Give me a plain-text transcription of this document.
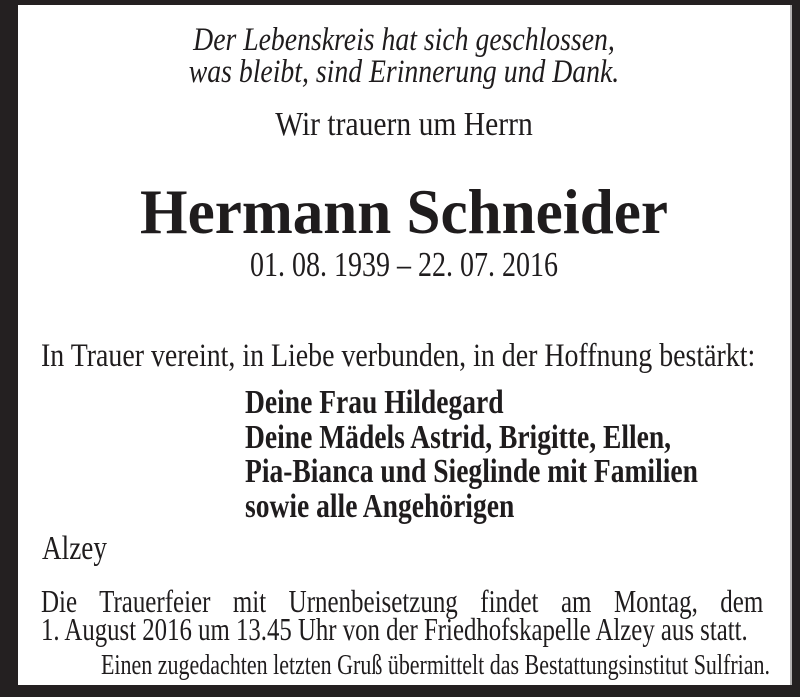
Der Lebenskreis hat sich geschlossen,
was bleibt, sind Erinnerung und Dank.
Wir trauern um Herrn
Hermann Schneider
01. 08. 1939 – 22. 07. 2016
In Trauer vereint, in Liebe verbunden, in der Hoffnung bestärkt:
Deine Frau Hildegard
Deine Mädels Astrid, Brigitte, Ellen,
Pia-Bianca und Sieglinde mit Familien
sowie alle Angehörigen
Alzey
Die Trauerfeier mit Urnenbeisetzung findet am Montag, dem
1. August 2016 um 13.45 Uhr von der Friedhofskapelle Alzey aus statt.
Einen zugedachten letzten Gruß übermittelt das Bestattungsinstitut Sulfrian.
